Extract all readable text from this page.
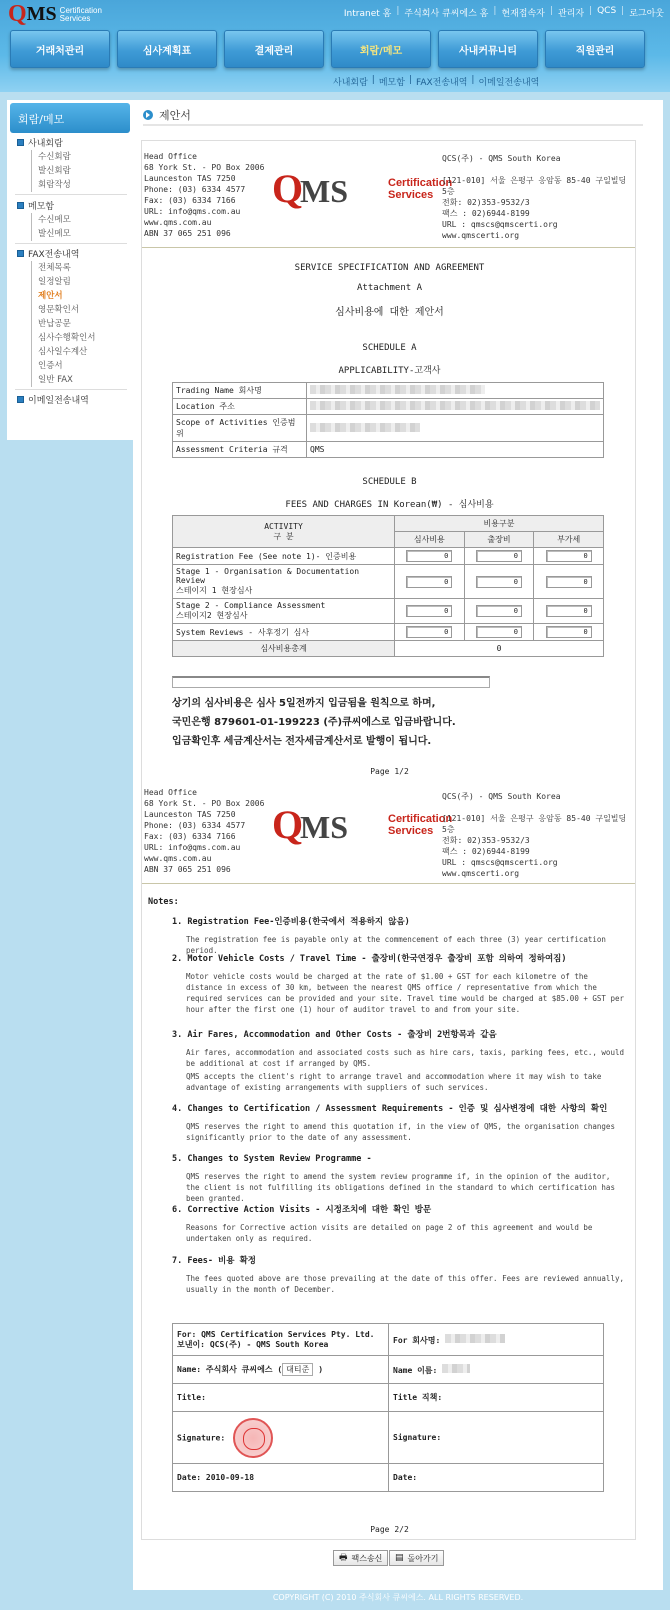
Q MS Certification
Services	Intranet 홈 | 주식회사 큐씨에스 홈 | 현재접속자 | 관리자 | QCS | 로그아웃
거래처관리	심사계획표	결제관리	회람/메모	사내커뮤니티	직원관리
사내회람 | 메모함 | FAX전송내역 | 이메일전송내역
회람/메모
사내회람
수신회람
발신회람
회람작성
메모함
수신메모
발신메모
FAX전송내역
전체목록
일정알림
제안서
영문확인서
반납공문
심사수행확인서
심사일수계산
인증서
일반 FAX
이메일전송내역
제안서
Head Office
68 York St. - PO Box 2006
Launceston TAS 7250
Phone: (03) 6334 4577
Fax: (03) 6334 7166
URL: info@qms.com.au
www.qms.com.au
ABN 37 065 251 096
Q
MS	Certification
Services
QCS(주) - QMS South Korea
[121-010] 서울 은평구 응암동 85-40 구일빌딩 5층
전화: 02)353-9532/3
팩스 : 02)6944-8199
URL : qmscs@qmscerti.org
www.qmscerti.org
SERVICE SPECIFICATION AND AGREEMENT
Attachment A
심사비용에 대한 제안서
SCHEDULE A
APPLICABILITY-고객사
Trading Name 회사명	
Location 주소	
Scope of Activities 인증범위	
Assessment Criteria 규격	QMS
SCHEDULE B
FEES AND CHARGES IN Korean(₩) - 심사비용
ACTIVITY
구 분	비용구분		
	심사비용	출장비	부가세
Registration Fee (See note 1)- 인증비용	0	0	0
Stage 1 - Organisation & Documentation Review
스테이지 1 현장심사	0	0	0
Stage 2 - Compliance Assessment
스테이지2 현장심사	0	0	0
System Reviews - 사후정기 심사	0	0	0
심사비용총계	0		
상기의 심사비용은 심사 5일전까지 입금됨을 원칙으로 하며,
국민은행 879601-01-199223 (주)큐씨에스로 입금바랍니다.
입금확인후 세금계산서는 전자세금계산서로 발행이 됩니다.
Page 1/2
Head Office
68 York St. - PO Box 2006
Launceston TAS 7250
Phone: (03) 6334 4577
Fax: (03) 6334 7166
URL: info@qms.com.au
www.qms.com.au
ABN 37 065 251 096
Q
MS	Certification
Services
QCS(주) - QMS South Korea
[121-010] 서울 은평구 응암동 85-40 구일빌딩 5층
전화: 02)353-9532/3
팩스 : 02)6944-8199
URL : qmscs@qmscerti.org
www.qmscerti.org
Notes:
1. Registration Fee-인증비용(한국에서 적용하지 않음)
The registration fee is payable only at the commencement of each three (3) year certification period.
2. Motor Vehicle Costs / Travel Time - 출장비(한국연경우 출장비 포함 의하여 정하여짐)
Motor vehicle costs would be charged at the rate of $1.00 + GST for each kilometre of the distance in excess of 30 km, between the nearest QMS office / representative from which the required services can be provided and your site. Travel time would be charged at $85.00 + GST per hour after the first one (1) hour of auditor travel to and from your site.
3. Air Fares, Accommodation and Other Costs - 출장비 2번항목과 같음
Air fares, accommodation and associated costs such as hire cars, taxis, parking fees, etc., would be additional at cost if arranged by QMS.
QMS accepts the client's right to arrange travel and accommodation where it may wish to take advantage of existing arrangements with suppliers of such services.
4. Changes to Certification / Assessment Requirements - 인증 및 심사변경에 대한 사항의 확인
QMS reserves the right to amend this quotation if, in the view of QMS, the organisation changes significantly prior to the date of any assessment.
5. Changes to System Review Programme -
QMS reserves the right to amend the system review programme if, in the opinion of the auditor, the client is not fulfilling its obligations defined in the standard to which certification has been granted.
6. Corrective Action Visits - 시정조치에 대한 확인 방문
Reasons for Corrective action visits are detailed on page 2 of this agreement and would be undertaken only as required.
7. Fees- 비용 확정
The fees quoted above are those prevailing at the date of this offer. Fees are reviewed annually, usually in the month of December.
For: QMS Certification Services Pty. Ltd.
보낸이: QCS(주) - QMS South Korea	For 회사명:
Name: 주식회사 큐씨에스 ( 대티준 )	Name 이름:
Title:	Title 직책:
Signature:	Signature:
Date: 2010-09-18	Date:
Page 2/2
🖶 팩스송신 ▤ 돌아가기
COPYRIGHT (C) 2010 주식회사 큐씨에스. ALL RIGHTS RESERVED.
